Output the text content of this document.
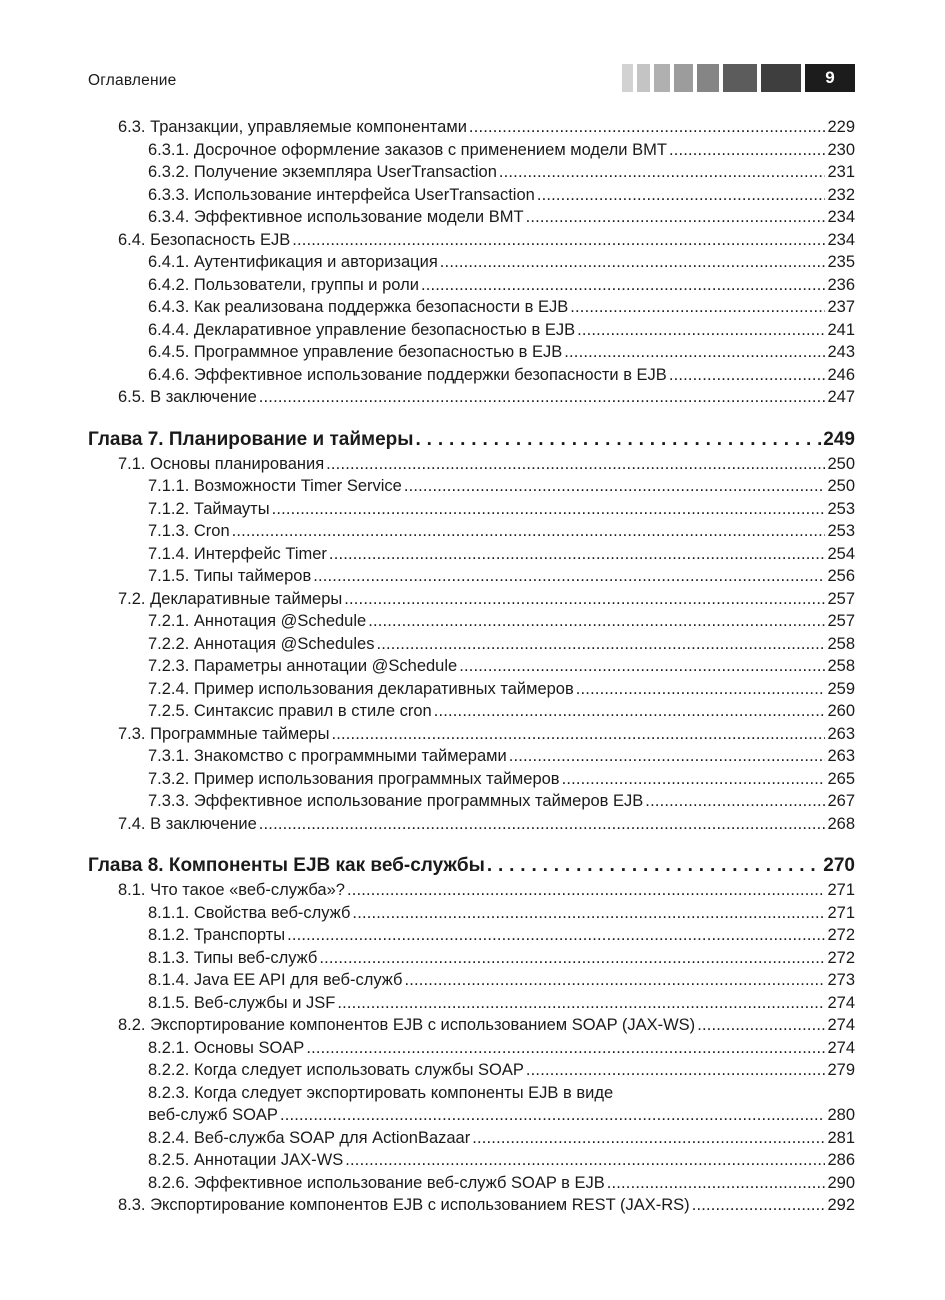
Оглавление	9
6.3. Транзакции, управляемые компонентами . . .	229
6.3.1. Досрочное оформление заказов с применением модели BMT . . .	230
6.3.2. Получение экземпляра UserTransaction . . .	231
6.3.3. Использование интерфейса UserTransaction . . .	232
6.3.4. Эффективное использование модели BMT . . .	234
6.4. Безопасность EJB . . .	234
6.4.1. Аутентификация и авторизация . . .	235
6.4.2. Пользователи, группы и роли . . .	236
6.4.3. Как реализована поддержка безопасности в EJB . . .	237
6.4.4. Декларативное управление безопасностью в EJB . . .	241
6.4.5. Программное управление безопасностью в EJB . . .	243
6.4.6. Эффективное использование поддержки безопасности в EJB . . .	246
6.5. В заключение . . .	247
Глава 7. Планирование и таймеры . . .	249
7.1. Основы планирования . . .	250
7.1.1. Возможности Timer Service . . .	250
7.1.2. Таймауты . . .	253
7.1.3. Cron . . .	253
7.1.4. Интерфейс Timer . . .	254
7.1.5. Типы таймеров . . .	256
7.2. Декларативные таймеры . . .	257
7.2.1. Аннотация @Schedule . . .	257
7.2.2. Аннотация @Schedules . . .	258
7.2.3. Параметры аннотации @Schedule . . .	258
7.2.4. Пример использования декларативных таймеров . . .	259
7.2.5. Синтаксис правил в стиле cron . . .	260
7.3. Программные таймеры . . .	263
7.3.1. Знакомство с программными таймерами . . .	263
7.3.2. Пример использования программных таймеров . . .	265
7.3.3. Эффективное использование программных таймеров EJB . . .	267
7.4. В заключение . . .	268
Глава 8. Компоненты EJB как веб-службы . . .	270
8.1. Что такое «веб-служба»? . . .	271
8.1.1. Свойства веб-служб . . .	271
8.1.2. Транспорты . . .	272
8.1.3. Типы веб-служб . . .	272
8.1.4. Java EE API для веб-служб . . .	273
8.1.5. Веб-службы и JSF . . .	274
8.2. Экспортирование компонентов EJB с использованием SOAP (JAX-WS) . . .	274
8.2.1. Основы SOAP . . .	274
8.2.2. Когда следует использовать службы SOAP . . .	279
8.2.3. Когда следует экспортировать компоненты EJB в виде
веб-служб SOAP . . .	280
8.2.4. Веб-служба SOAP для ActionBazaar . . .	281
8.2.5. Аннотации JAX-WS . . .	286
8.2.6. Эффективное использование веб-служб SOAP в EJB . . .	290
8.3. Экспортирование компонентов EJB с использованием REST (JAX-RS) . . .	292
